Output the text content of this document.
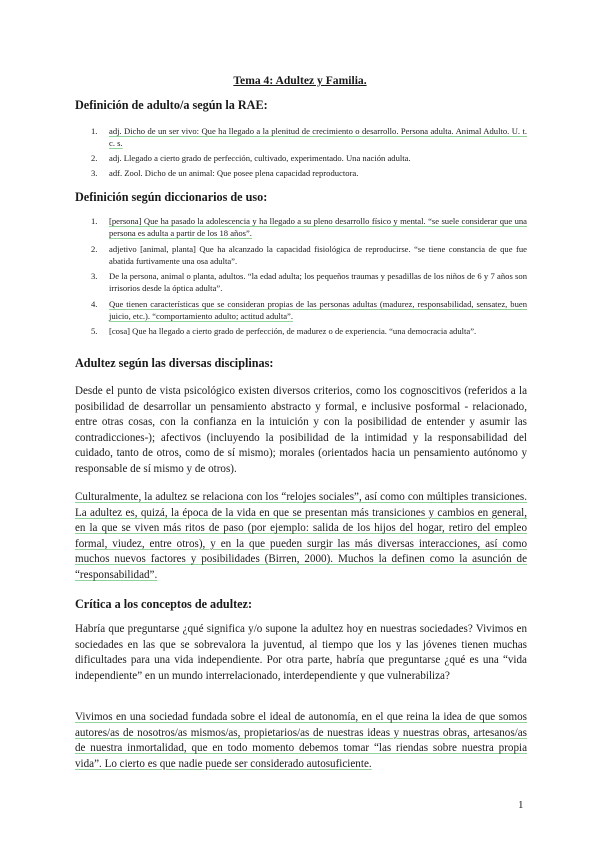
Tema 4: Adultez y Familia.
Definición de adulto/a según la RAE:
1. adj. Dicho de un ser vivo: Que ha llegado a la plenitud de crecimiento o desarrollo. Persona adulta. Animal Adulto. U. t. c. s.
2. adj. Llegado a cierto grado de perfección, cultivado, experimentado. Una nación adulta.
3. adf. Zool. Dicho de un animal: Que posee plena capacidad reproductora.
Definición según diccionarios de uso:
1. [persona] Que ha pasado la adolescencia y ha llegado a su pleno desarrollo físico y mental. “se suele considerar que una persona es adulta a partir de los 18 años”.
2. adjetivo [animal, planta] Que ha alcanzado la capacidad fisiológica de reproducirse. “se tiene constancia de que fue abatida furtivamente una osa adulta”.
3. De la persona, animal o planta, adultos. “la edad adulta; los pequeños traumas y pesadillas de los niños de 6 y 7 años son irrisorios desde la óptica adulta”.
4. Que tienen características que se consideran propias de las personas adultas (madurez, responsabilidad, sensatez, buen juicio, etc.). “comportamiento adulto; actitud adulta”.
5. [cosa] Que ha llegado a cierto grado de perfección, de madurez o de experiencia. “una democracia adulta”.
Adultez según las diversas disciplinas:

Desde el punto de vista psicológico existen diversos criterios, como los cognoscitivos (referidos a la posibilidad de desarrollar un pensamiento abstracto y formal, e inclusive posformal - relacionado, entre otras cosas, con la confianza en la intuición y con la posibilidad de entender y asumir las contradicciones-); afectivos (incluyendo la posibilidad de la intimidad y la responsabilidad del cuidado, tanto de otros, como de sí mismo); morales (orientados hacia un pensamiento autónomo y responsable de sí mismo y de otros).

Culturalmente, la adultez se relaciona con los “relojes sociales”, así como con múltiples transiciones. La adultez es, quizá, la época de la vida en que se presentan más transiciones y cambios en general, en la que se viven más ritos de paso (por ejemplo: salida de los hijos del hogar, retiro del empleo formal, viudez, entre otros), y en la que pueden surgir las más diversas interacciones, así como muchos nuevos factores y posibilidades (Birren, 2000). Muchos la definen como la asunción de “responsabilidad”.

Crítica a los conceptos de adultez:

Habría que preguntarse ¿qué significa y/o supone la adultez hoy en nuestras sociedades? Vivimos en sociedades en las que se sobrevalora la juventud, al tiempo que los y las jóvenes tienen muchas dificultades para una vida independiente. Por otra parte, habría que preguntarse ¿qué es una “vida independiente” en un mundo interrelacionado, interdependiente y que vulnerabiliza?

Vivimos en una sociedad fundada sobre el ideal de autonomía, en el que reina la idea de que somos autores/as de nosotros/as mismos/as, propietarios/as de nuestras ideas y nuestras obras, artesanos/as de nuestra inmortalidad, que en todo momento debemos tomar “las riendas sobre nuestra propia vida”. Lo cierto es que nadie puede ser considerado autosuficiente.

1
